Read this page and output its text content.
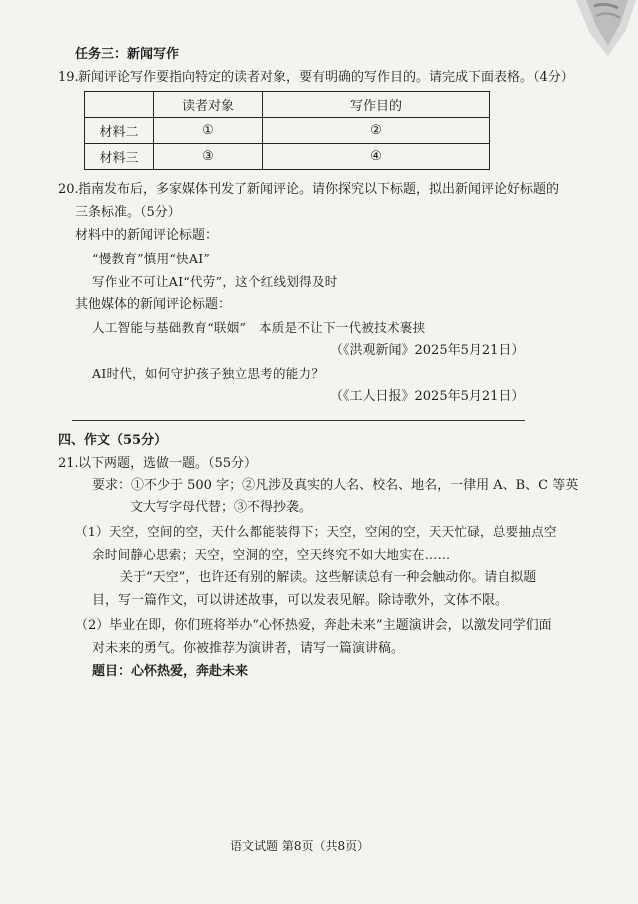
任务三：新闻写作
19. 新闻评论写作要指向特定的读者对象，要有明确的写作目的。请完成下面表格。（4分）
	读者对象	写作目的
材料二	①	②
材料三	③	④
20. 指南发布后，多家媒体刊发了新闻评论。请你探究以下标题，拟出新闻评论好标题的
三条标准。（5分）
材料中的新闻评论标题：
“慢教育”慎用“快AI”
写作业不可让AI“代劳”，这个红线划得及时
其他媒体的新闻评论标题：
人工智能与基础教育“联姻”　本质是不让下一代被技术裹挟
（《洪观新闻》2025年5月21日）
AI时代，如何守护孩子独立思考的能力？
（《工人日报》2025年5月21日）
四、作文（55分）
21. 以下两题，选做一题。（55分）
要求：①不少于 500 字；②凡涉及真实的人名、校名、地名，一律用 A、B、C 等英
文大写字母代替；③不得抄袭。
（1）天空，空间的空，天什么都能装得下；天空，空闲的空，天天忙碌，总要抽点空
余时间静心思索；天空，空洞的空，空天终究不如大地实在……
关于“天空”，也许还有别的解读。这些解读总有一种会触动你。请自拟题
目，写一篇作文，可以讲述故事，可以发表见解。除诗歌外，文体不限。
（2）毕业在即，你们班将举办“心怀热爱，奔赴未来”主题演讲会，以激发同学们面
对未来的勇气。你被推荐为演讲者，请写一篇演讲稿。
题目：心怀热爱，奔赴未来
语文试题 第8页（共8页）
